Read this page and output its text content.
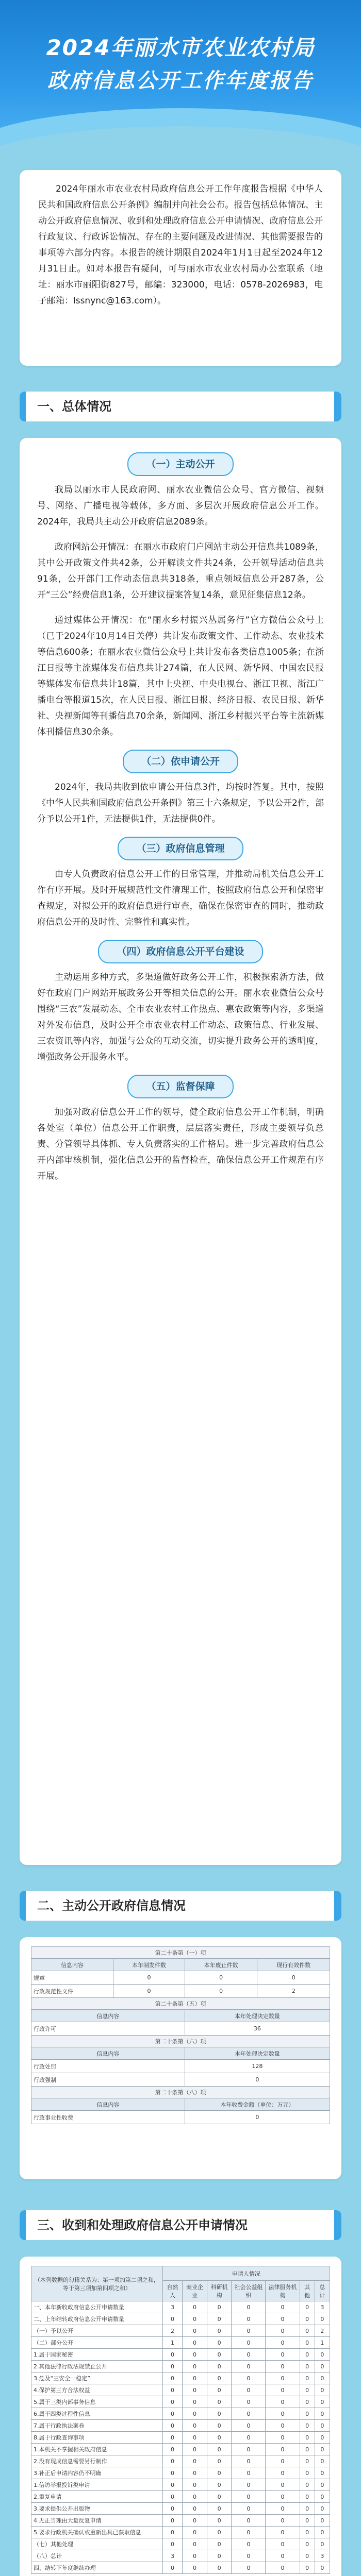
2024年丽水市农业农村局
政府信息公开工作年度报告

2024年丽水市农业农村局政府信息公开工作年度报告根据《中华人民共和国政府信息公开条例》编制并向社会公布。报告包括总体情况、主动公开政府信息情况、收到和处理政府信息公开申请情况、政府信息公开行政复议、行政诉讼情况、存在的主要问题及改进情况、其他需要报告的事项等六部分内容。本报告的统计期限自2024年1月1日起至2024年12月31日止。如对本报告有疑问，可与丽水市农业农村局办公室联系（地址：丽水市丽阳街827号，邮编：323000，电话：0578-2026983，电子邮箱：lssnync@163.com）。

一、总体情况
（一）主动公开

我局以丽水市人民政府网、丽水农业微信公众号、官方微信、视频号、网络、广播电视等载体，多方面、多层次开展政府信息公开工作。2024年，我局共主动公开政府信息2089条。

政府网站公开情况：在丽水市政府门户网站主动公开信息共1089条，其中公开政策文件共42条，公开解读文件共24条，公开领导活动信息共91条，公开部门工作动态信息共318条，重点领域信息公开287条，公开“三公”经费信息1条，公开建议提案答复14条，意见征集信息12条。

通过媒体公开情况：在“丽水乡村振兴丛属务行”官方微信公众号上（已于2024年10月14日关停）共计发布政策文件、工作动态、农业技术等信息600条；在丽水农业微信公众号上共计发布各类信息1005条；在浙江日报等主流媒体发布信息共计274篇，在人民网、新华网、中国农民报等媒体发布信息共计18篇，其中上央视、中央电视台、浙江卫视、浙江广播电台等报道15次，在人民日报、浙江日报、经济日报、农民日报、新华社、央视新闻等刊播信息70余条，新闻网、浙江乡村振兴平台等主流新媒体刊播信息30余条。

（二）依申请公开

2024年，我局共收到依申请公开信息3件，均按时答复。其中，按照《中华人民共和国政府信息公开条例》第三十六条规定，予以公开2件，部分予以公开1件，无法提供1件，无法提供0件。

（三）政府信息管理

由专人负责政府信息公开工作的日常管理，并推动局机关信息公开工作有序开展。及时开展规范性文件清理工作，按照政府信息公开和保密审查规定，对拟公开的政府信息进行审查，确保在保密审查的同时，推动政府信息公开的及时性、完整性和真实性。

（四）政府信息公开平台建设

主动运用多种方式，多渠道做好政务公开工作，积极探索新方法，做好在政府门户网站开展政务公开等相关信息的公开。丽水农业微信公众号围绕“三农”发展动态、全市农业农村工作热点、惠农政策等内容，多渠道对外发布信息，及时公开全市农业农村工作动态、政策信息、行业发展、三农资讯等内容，加强与公众的互动交流，切实提升政务公开的透明度，增强政务公开服务水平。

（五）监督保障

加强对政府信息公开工作的领导，健全政府信息公开工作机制，明确各处室（单位）信息公开工作职责，层层落实责任，形成主要领导负总责、分管领导具体抓、专人负责落实的工作格局。进一步完善政府信息公开内部审核机制，强化信息公开的监督检查，确保信息公开工作规范有序开展。

二、主动公开政府信息情况
第二十条第（一）项			
信息内容	本年制发件数	本年废止件数	现行有效件数
规章	0	0	0
行政规范性文件	0	0	2
第二十条第（五）项			
信息内容		本年处理决定数量	
行政许可		36	
第二十条第（六）项			
信息内容		本年处理决定数量	
行政处罚		128	
行政强制		0	
第二十条第（八）项			
信息内容		本年收费金额（单位：万元）	
行政事业性收费		0	
三、收到和处理政府信息公开申请情况
（本列数据的勾稽关系为：第一项加第二项之和，等于第三项加第四项之和）	申请人情况						
	自然人	商业企业	科研机构	社会公益组织	法律服务机构	其他	总计
一、本年新收政府信息公开申请数量	3	0	0	0	0	0	3
二、上年结转政府信息公开申请数量	0	0	0	0	0	0	0
（一）予以公开	2	0	0	0	0	0	2
（二）部分公开	1	0	0	0	0	0	1
1.属于国家秘密	0	0	0	0	0	0	0
2.其他法律行政法规禁止公开	0	0	0	0	0	0	0
3.危及“三安全一稳定”	0	0	0	0	0	0	0
4.保护第三方合法权益	0	0	0	0	0	0	0
5.属于三类内部事务信息	0	0	0	0	0	0	0
6.属于四类过程性信息	0	0	0	0	0	0	0
7.属于行政执法案卷	0	0	0	0	0	0	0
8.属于行政查询事项	0	0	0	0	0	0	0
1.本机关不掌握相关政府信息	0	0	0	0	0	0	0
2.没有现成信息需要另行制作	0	0	0	0	0	0	0
3.补正后申请内容仍不明确	0	0	0	0	0	0	0
1.信访举报投诉类申请	0	0	0	0	0	0	0
2.重复申请	0	0	0	0	0	0	0
3.要求提供公开出版物	0	0	0	0	0	0	0
4.无正当理由大量反复申请	0	0	0	0	0	0	0
5.要求行政机关确认或重新出具已获取信息	0	0	0	0	0	0	0
（七）其他处理	0	0	0	0	0	0	0
（八）总计	3	0	0	0	0	0	3
四、结转下年度继续办理	0	0	0	0	0	0	0
